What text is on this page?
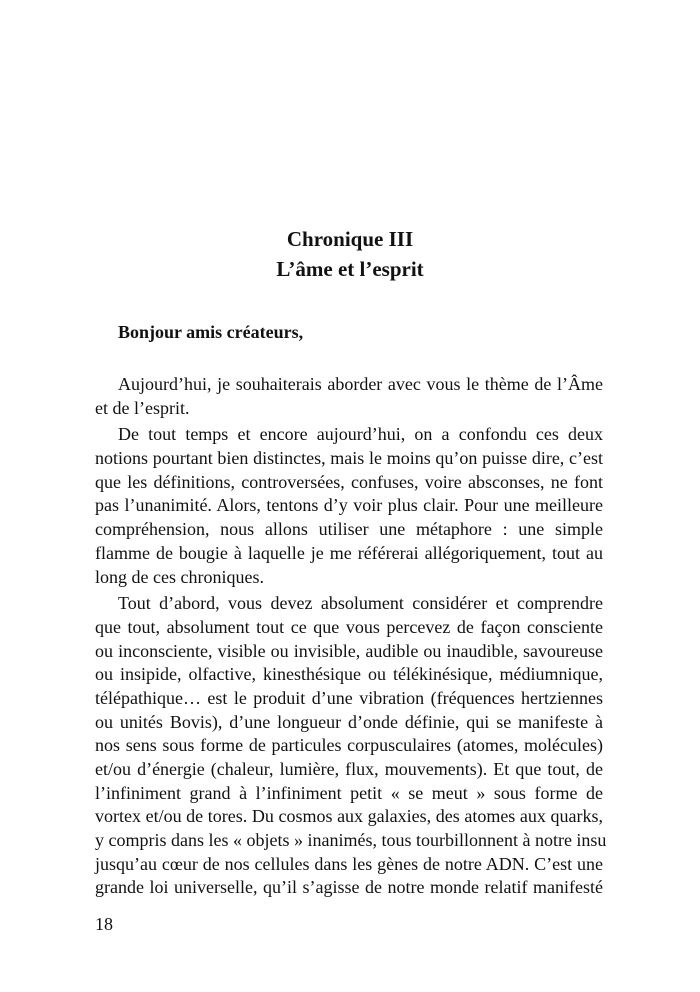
Chronique III
L’âme et l’esprit
Bonjour amis créateurs,
Aujourd’hui, je souhaiterais aborder avec vous le thème de l’Âme
et de l’esprit.
De tout temps et encore aujourd’hui, on a confondu ces deux
notions pourtant bien distinctes, mais le moins qu’on puisse dire, c’est
que les définitions, controversées, confuses, voire absconses, ne font
pas l’unanimité. Alors, tentons d’y voir plus clair. Pour une meilleure
compréhension, nous allons utiliser une métaphore : une simple
flamme de bougie à laquelle je me référerai allégoriquement, tout au
long de ces chroniques.
Tout d’abord, vous devez absolument considérer et comprendre
que tout, absolument tout ce que vous percevez de façon consciente
ou inconsciente, visible ou invisible, audible ou inaudible, savoureuse
ou insipide, olfactive, kinesthésique ou télékinésique, médiumnique,
télépathique… est le produit d’une vibration (fréquences hertziennes
ou unités Bovis), d’une longueur d’onde définie, qui se manifeste à
nos sens sous forme de particules corpusculaires (atomes, molécules)
et/ou d’énergie (chaleur, lumière, flux, mouvements). Et que tout, de
l’infiniment grand à l’infiniment petit « se meut » sous forme de
vortex et/ou de tores. Du cosmos aux galaxies, des atomes aux quarks,
y compris dans les « objets » inanimés, tous tourbillonnent à notre insu
jusqu’au cœur de nos cellules dans les gènes de notre ADN. C’est une
grande loi universelle, qu’il s’agisse de notre monde relatif manifesté
18
